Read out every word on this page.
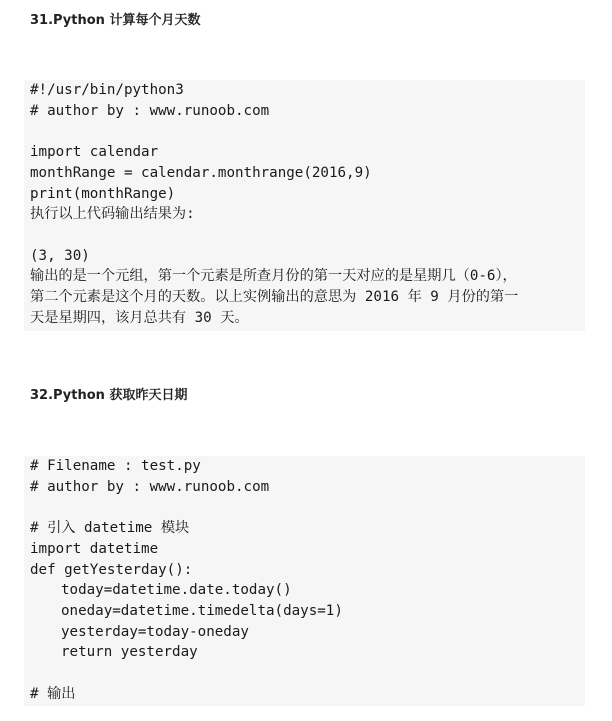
31.Python 计算每个月天数
#!/usr/bin/python3
# author by : www.runoob.com
import calendar
monthRange = calendar.monthrange(2016,9)
print(monthRange)
执行以上代码输出结果为:
(3, 30)
输出的是一个元组，第一个元素是所查月份的第一天对应的是星期几（0-6），
第二个元素是这个月的天数。以上实例输出的意思为 2016 年 9 月份的第一
天是星期四，该月总共有 30 天。
32.Python 获取昨天日期
# Filename : test.py
# author by : www.runoob.com
# 引入 datetime 模块
import datetime
def getYesterday():
today=datetime.date.today()
oneday=datetime.timedelta(days=1)
yesterday=today-oneday
return yesterday
# 输出
